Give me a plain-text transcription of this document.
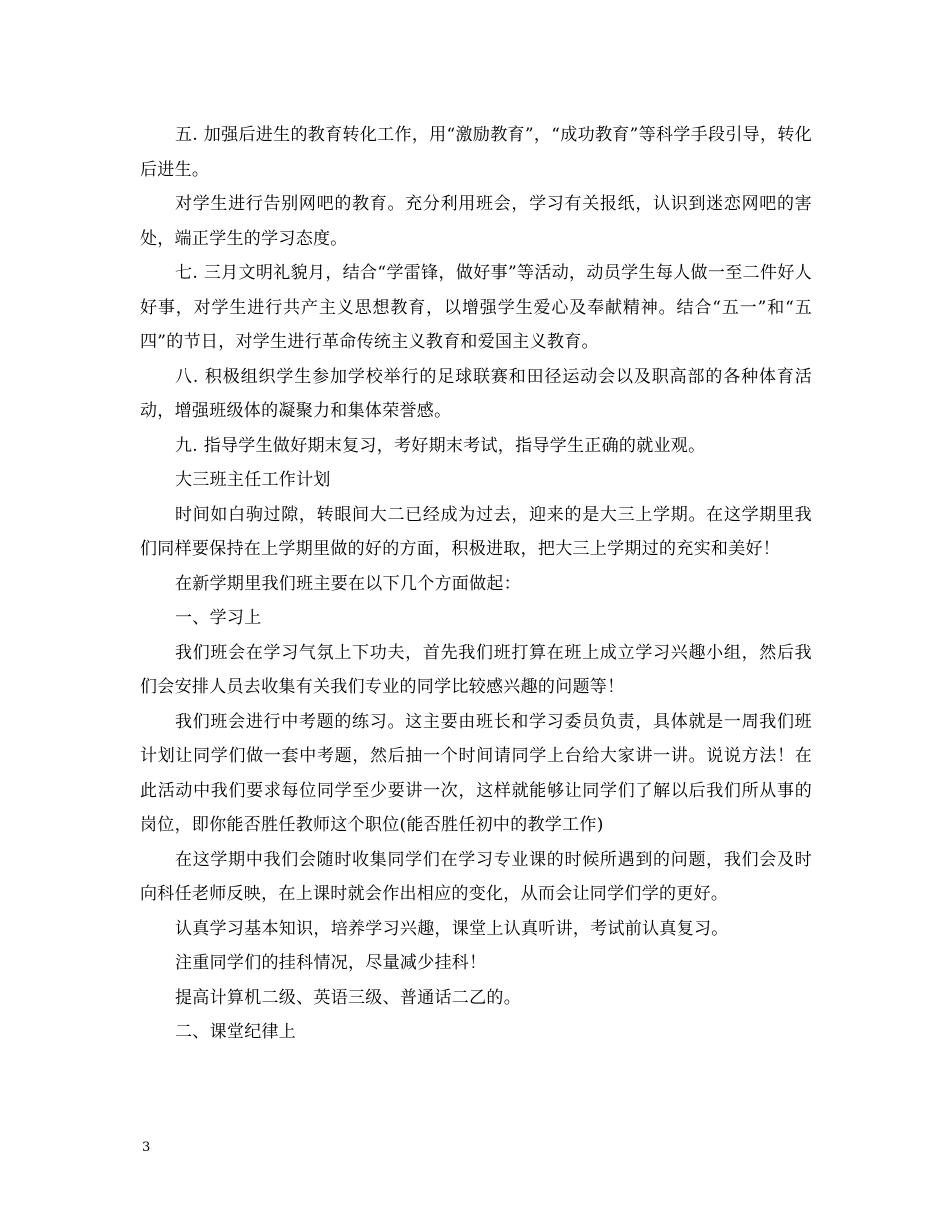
五. 加强后进生的教育转化工作，用“激励教育”，“成功教育”等科学手段引导，转化后进生。

对学生进行告别网吧的教育。充分利用班会，学习有关报纸，认识到迷恋网吧的害处，端正学生的学习态度。

七. 三月文明礼貌月，结合“学雷锋，做好事”等活动，动员学生每人做一至二件好人好事，对学生进行共产主义思想教育，以增强学生爱心及奉献精神。结合“五一”和“五四”的节日，对学生进行革命传统主义教育和爱国主义教育。

八. 积极组织学生参加学校举行的足球联赛和田径运动会以及职高部的各种体育活动，增强班级体的凝聚力和集体荣誉感。

九. 指导学生做好期末复习，考好期末考试，指导学生正确的就业观。

大三班主任工作计划

时间如白驹过隙，转眼间大二已经成为过去，迎来的是大三上学期。在这学期里我们同样要保持在上学期里做的好的方面，积极进取，把大三上学期过的充实和美好！

在新学期里我们班主要在以下几个方面做起：

一、学习上

我们班会在学习气氛上下功夫，首先我们班打算在班上成立学习兴趣小组，然后我们会安排人员去收集有关我们专业的同学比较感兴趣的问题等！

我们班会进行中考题的练习。这主要由班长和学习委员负责，具体就是一周我们班计划让同学们做一套中考题，然后抽一个时间请同学上台给大家讲一讲。说说方法！在此活动中我们要求每位同学至少要讲一次，这样就能够让同学们了解以后我们所从事的岗位，即你能否胜任教师这个职位(能否胜任初中的教学工作)

在这学期中我们会随时收集同学们在学习专业课的时候所遇到的问题，我们会及时向科任老师反映，在上课时就会作出相应的变化，从而会让同学们学的更好。

认真学习基本知识，培养学习兴趣，课堂上认真听讲，考试前认真复习。

注重同学们的挂科情况，尽量减少挂科！

提高计算机二级、英语三级、普通话二乙的。

二、课堂纪律上

3
